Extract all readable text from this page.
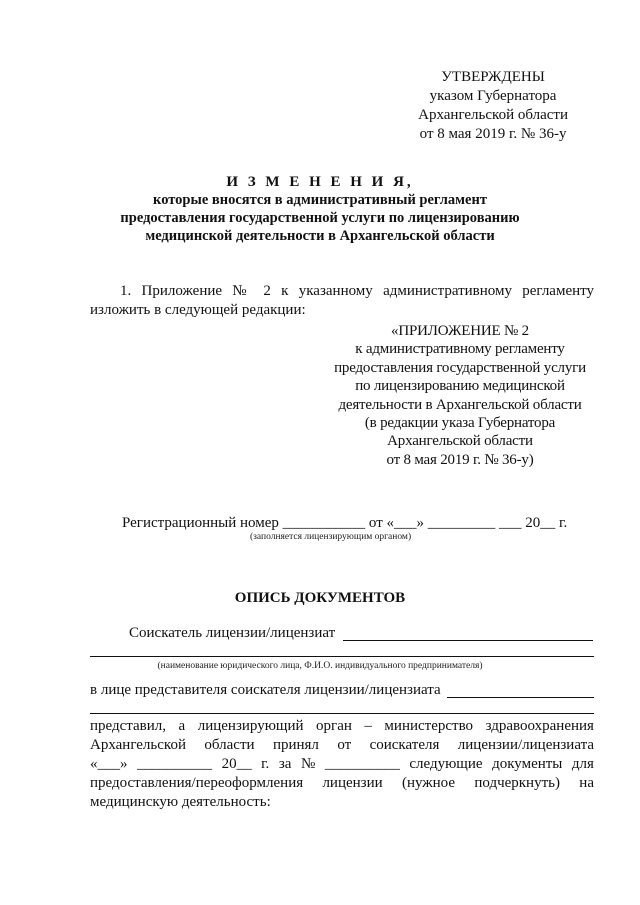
УТВЕРЖДЕНЫ
указом Губернатора
Архангельской области
от 8 мая 2019 г. № 36-у
И З М Е Н Е Н И Я,
которые вносятся в административный регламент
предоставления государственной услуги по лицензированию
медицинской деятельности в Архангельской области
1. Приложение № 2 к указанному административному регламенту изложить в следующей редакции:
«ПРИЛОЖЕНИЕ № 2
к административному регламенту
предоставления государственной услуги
по лицензированию медицинской
деятельности в Архангельской области
(в редакции указа Губернатора
Архангельской области
от 8 мая 2019 г. № 36-у)
Регистрационный номер ___________ от «___» _________ ___ 20__ г.
(заполняется лицензирующим органом)
ОПИСЬ ДОКУМЕНТОВ
Соискатель лицензии/лицензиат
(наименование юридического лица, Ф.И.О. индивидуального предпринимателя)
в лице представителя соискателя лицензии/лицензиата
представил, а лицензирующий орган – министерство здравоохранения
Архангельской области принял от соискателя лицензии/лицензиата
«___» __________ 20__ г. за № __________ следующие документы для
предоставления/переоформления лицензии (нужное подчеркнуть) на
медицинскую деятельность:
